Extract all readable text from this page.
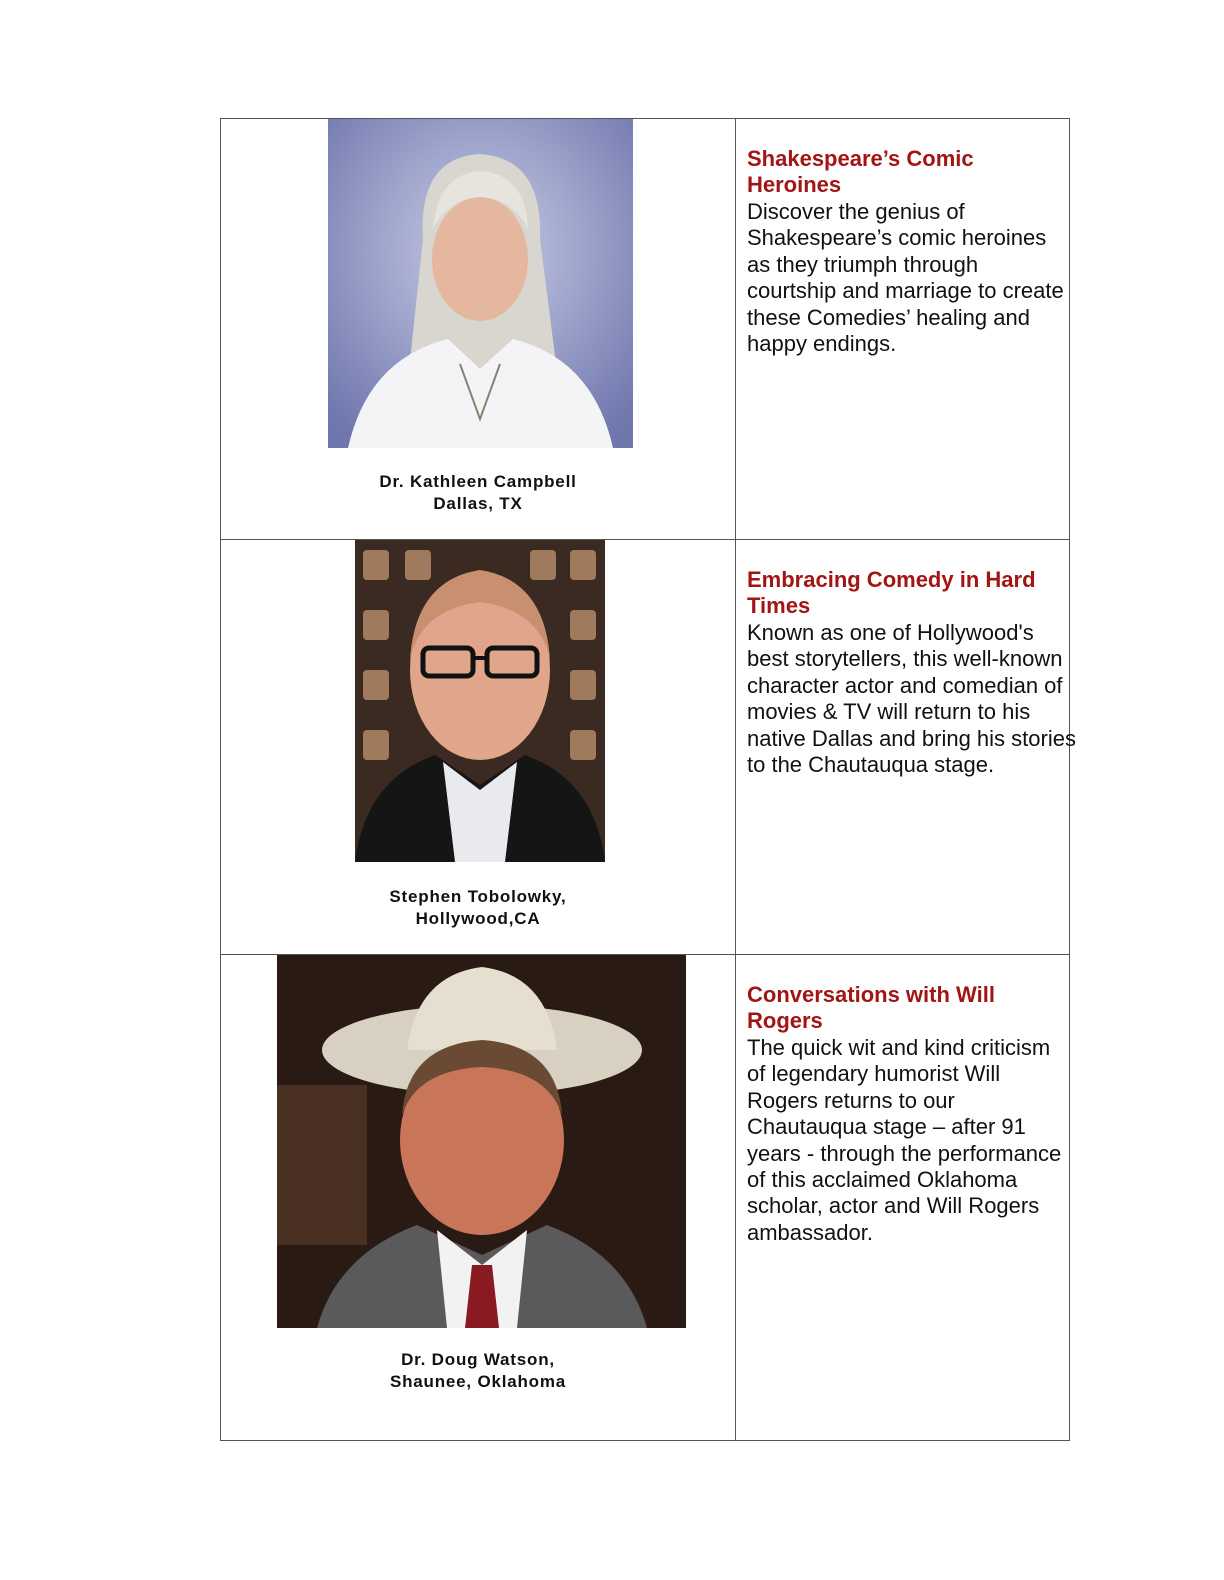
Dr. Kathleen Campbell
Dallas, TX
Shakespeare’s Comic Heroines
Discover the genius of Shakespeare’s comic heroines as they triumph through courtship and marriage to create these Comedies’ healing and happy endings.
Stephen Tobolowky,
Hollywood,CA
Embracing Comedy in Hard Times
Known as one of Hollywood's best storytellers, this well-known character actor and comedian of movies & TV will return to his native Dallas and bring his stories to the Chautauqua stage.
Dr. Doug Watson,
Shaunee, Oklahoma
Conversations with Will Rogers
The quick wit and kind criticism of legendary humorist Will Rogers returns to our Chautauqua stage – after 91 years - through the performance of this acclaimed Oklahoma scholar, actor and Will Rogers ambassador.
